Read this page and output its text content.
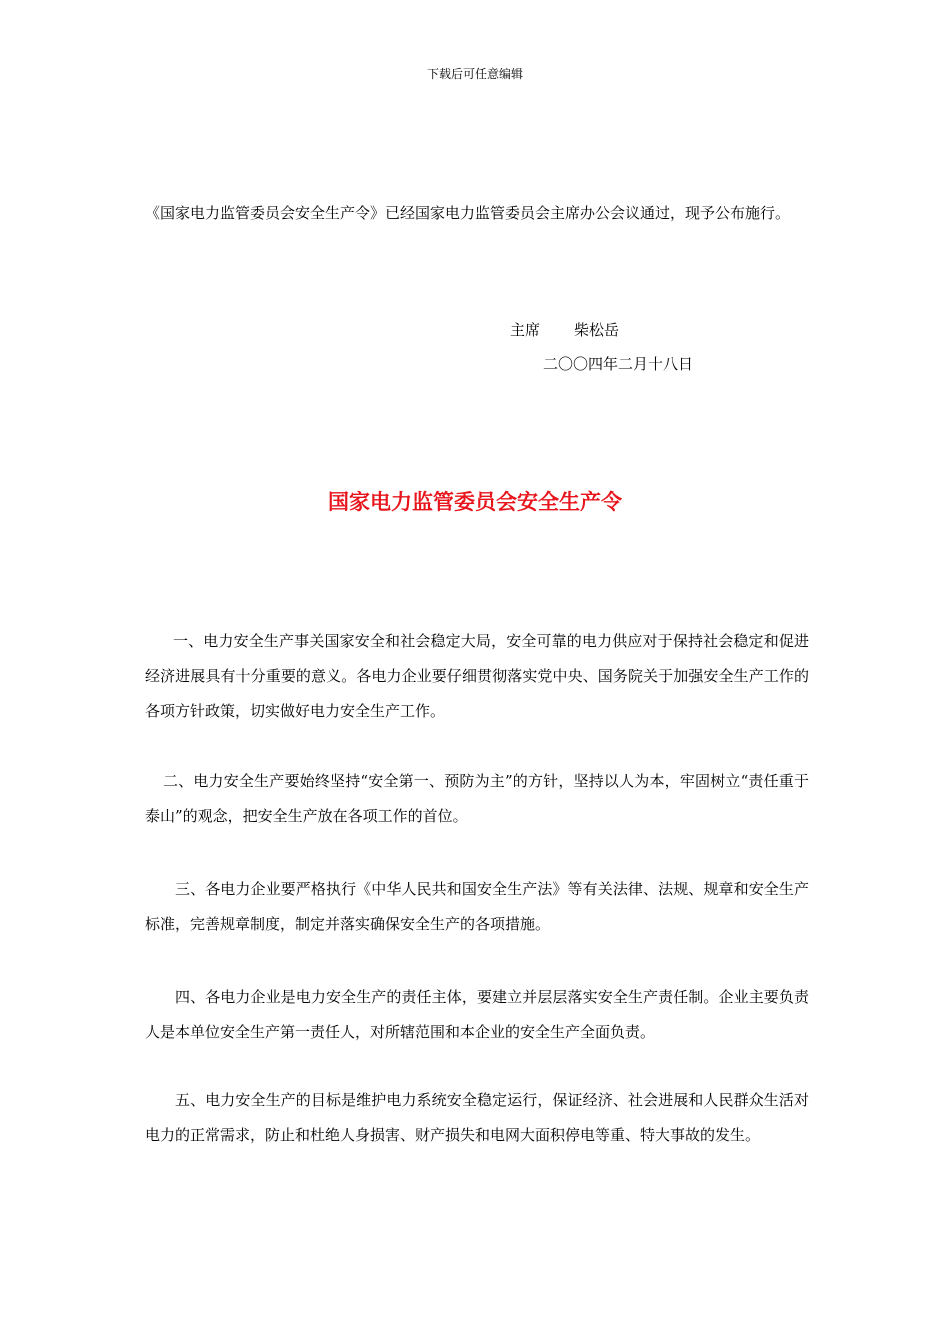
下载后可任意编辑
《国家电力监管委员会安全生产令》已经国家电力监管委员会主席办公会议通过，现予公布施行。
主席 柴松岳
二〇〇四年二月十八日
国家电力监管委员会安全生产令
一、电力安全生产事关国家安全和社会稳定大局，安全可靠的电力供应对于保持社会稳定和促进经济进展具有十分重要的意义。各电力企业要仔细贯彻落实党中央、国务院关于加强安全生产工作的各项方针政策，切实做好电力安全生产工作。
二、电力安全生产要始终坚持“安全第一、预防为主”的方针，坚持以人为本，牢固树立“责任重于泰山”的观念，把安全生产放在各项工作的首位。
三、各电力企业要严格执行《中华人民共和国安全生产法》等有关法律、法规、规章和安全生产标准，完善规章制度，制定并落实确保安全生产的各项措施。
四、各电力企业是电力安全生产的责任主体，要建立并层层落实安全生产责任制。企业主要负责人是本单位安全生产第一责任人，对所辖范围和本企业的安全生产全面负责。
五、电力安全生产的目标是维护电力系统安全稳定运行，保证经济、社会进展和人民群众生活对电力的正常需求，防止和杜绝人身损害、财产损失和电网大面积停电等重、特大事故的发生。
